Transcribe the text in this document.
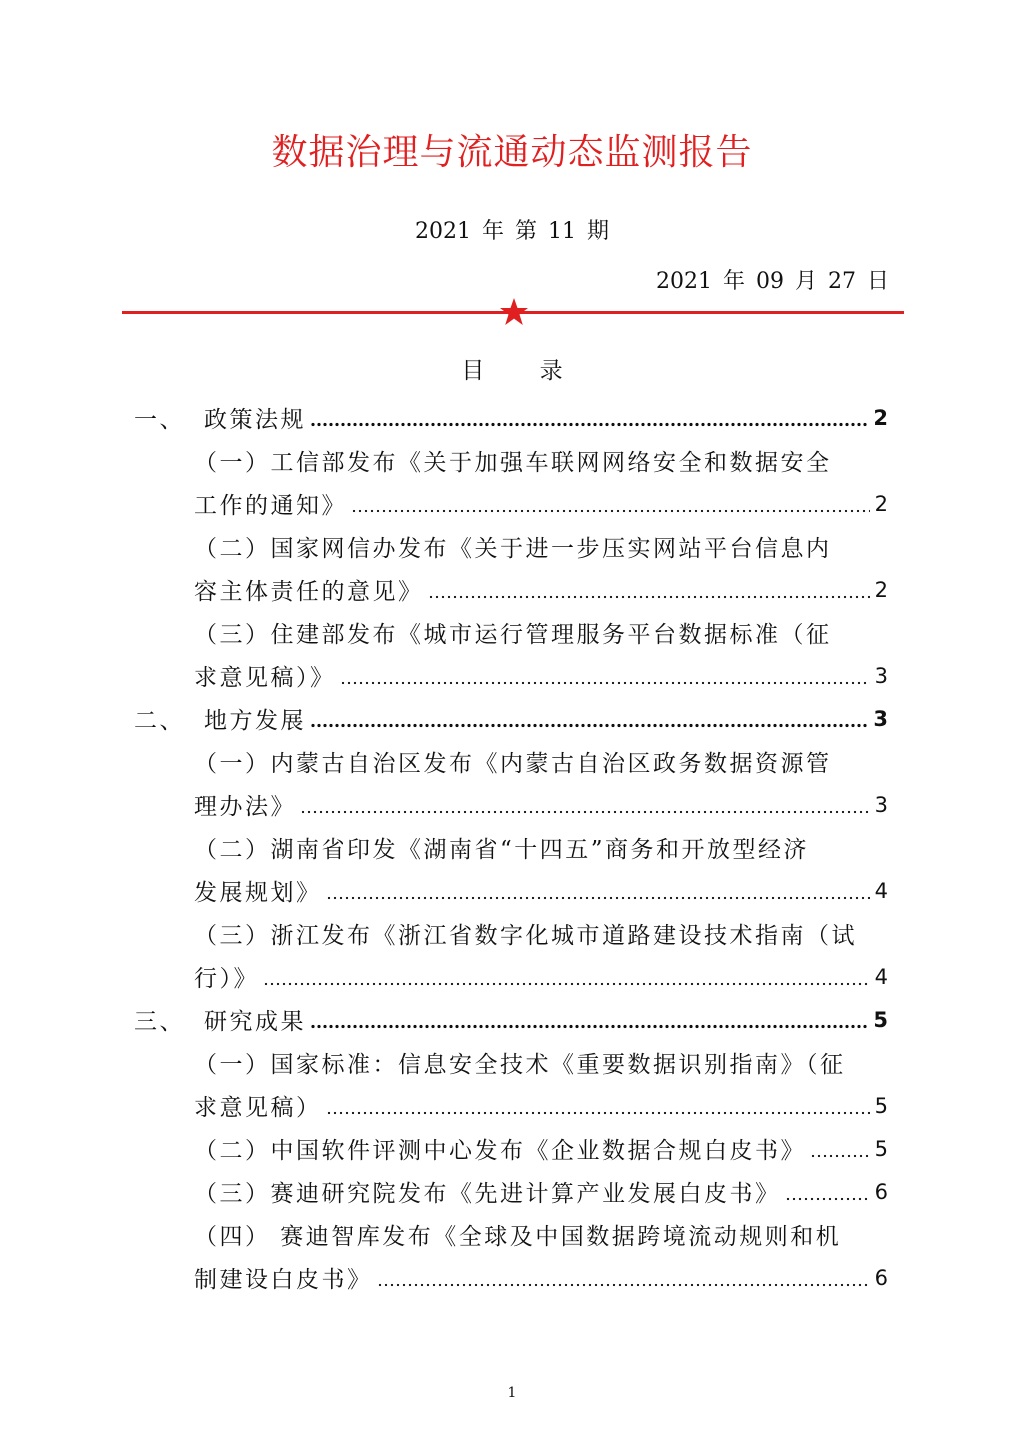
数据治理与流通动态监测报告
2021 年 第 11 期
2021 年 09 月 27 日
目 录
一、 政策法规	2
（一）工信部发布《关于加强车联网网络安全和数据安全
工作的通知》	2
（二）国家网信办发布《关于进一步压实网站平台信息内
容主体责任的意见》	2
（三）住建部发布《城市运行管理服务平台数据标准（征
求意见稿）》	3
二、 地方发展	3
（一）内蒙古自治区发布《内蒙古自治区政务数据资源管
理办法》	3
（二）湖南省印发《湖南省“十四五”商务和开放型经济
发展规划》	4
（三）浙江发布《浙江省数字化城市道路建设技术指南（试
行）》	4
三、 研究成果	5
（一）国家标准：信息安全技术《重要数据识别指南》（征
求意见稿）	5
（二）中国软件评测中心发布《企业数据合规白皮书》	5
（三）赛迪研究院发布《先进计算产业发展白皮书》	6
（四） 赛迪智库发布《全球及中国数据跨境流动规则和机
制建设白皮书》	6
1
